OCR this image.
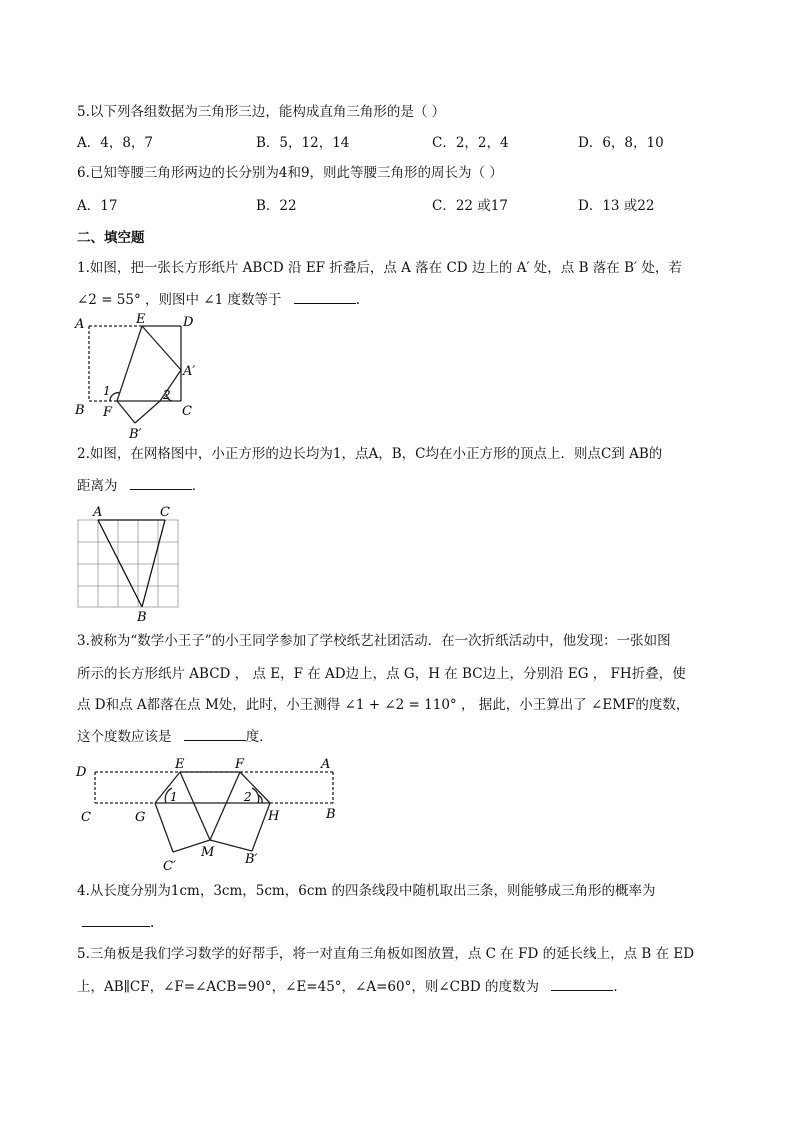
5.以下列各组数据为三角形三边，能构成直角三角形的是（ ）
A．4，8，7	B．5，12，14	C．2，2，4	D．6，8，10
6.已知等腰三角形两边的长分别为4和9，则此等腰三角形的周长为（ ）
A．17	B．22	C．22 或17	D．13 或22
二、填空题
1.如图，把一张长方形纸片 ABCD 沿 EF 折叠后，点 A 落在 CD 边上的 A′ 处，点 B 落在 B′ 处，若
∠2 = 55° ，则图中 ∠1 度数等于	.
A	E	D
A′
1	2
B F	C
B′
2.如图，在网格图中，小正方形的边长均为1，点A，B，C均在小正方形的顶点上．则点C到 AB的
距离为	．
A	C
B
3.被称为“数学小王子”的小王同学参加了学校纸艺社团活动．在一次折纸活动中，他发现：一张如图
所示的长方形纸片 ABCD ， 点 E，F 在 AD边上，点 G，H 在 BC边上，分别沿 EG ， FH折叠，使
点 D和点 A都落在点 M处，此时，小王测得 ∠1 + ∠2 = 110° ， 据此，小王算出了 ∠EMF的度数，
这个度数应该是	度．
D
E	F	A
1	2
C	G	H	B
M
C′	B′
4.从长度分别为1cm，3cm，5cm，6cm 的四条线段中随机取出三条，则能够成三角形的概率为
.
5.三角板是我们学习数学的好帮手，将一对直角三角板如图放置，点 C 在 FD 的延长线上，点 B 在 ED
上，AB∥CF，∠F=∠ACB=90°，∠E=45°，∠A=60°，则∠CBD 的度数为	．
